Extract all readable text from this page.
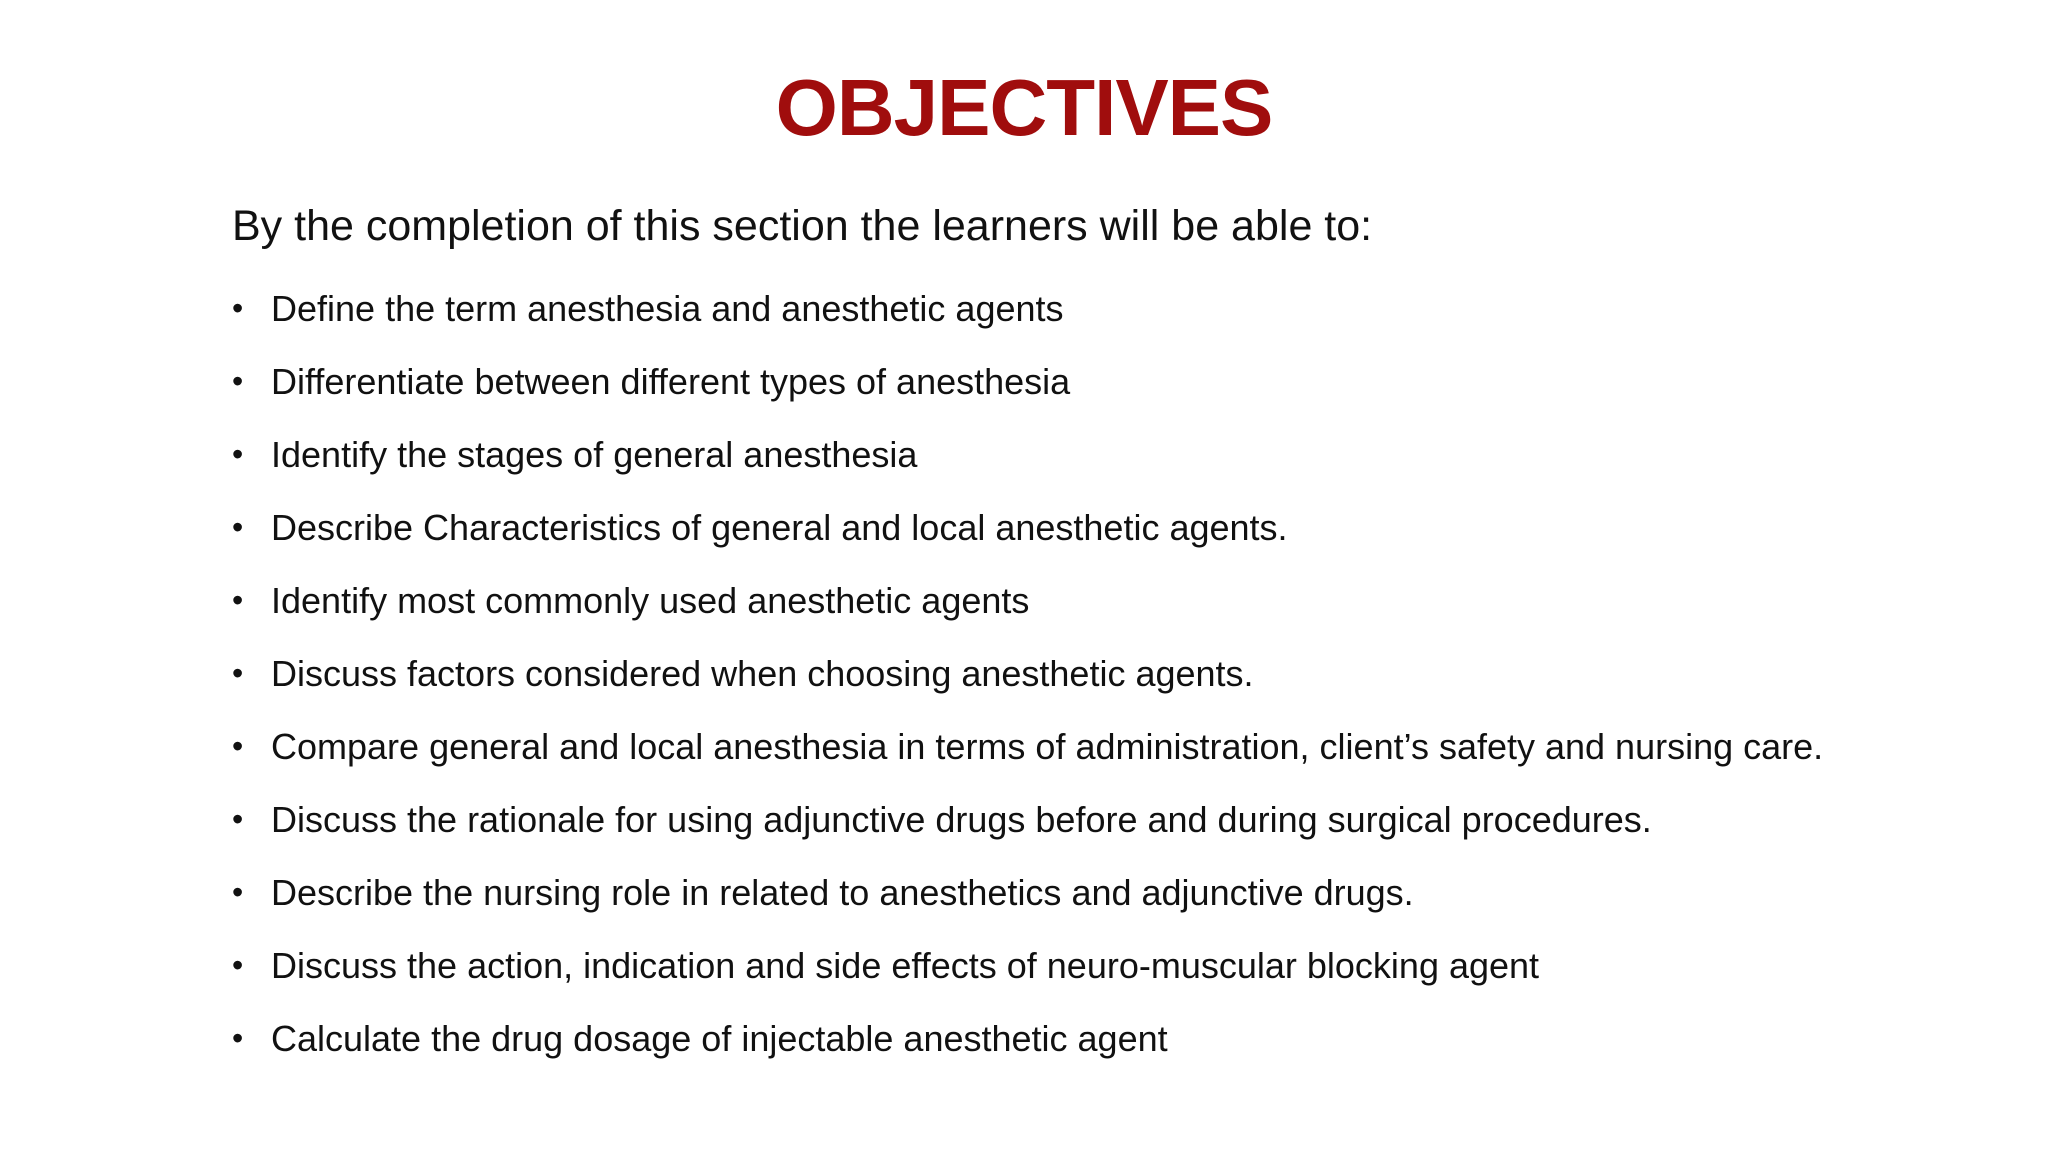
OBJECTIVES
By the completion of this section the learners will be able to:
• Define the term anesthesia and anesthetic agents
• Differentiate between different types of anesthesia
• Identify the stages of general anesthesia
• Describe Characteristics of general and local anesthetic agents.
• Identify most commonly used anesthetic agents
• Discuss factors considered when choosing anesthetic agents.
• Compare general and local anesthesia in terms of administration, client’s safety and nursing care.
• Discuss the rationale for using adjunctive drugs before and during surgical procedures.
• Describe the nursing role in related to anesthetics and adjunctive drugs.
• Discuss the action, indication and side effects of neuro-muscular blocking agent
• Calculate the drug dosage of injectable anesthetic agent
